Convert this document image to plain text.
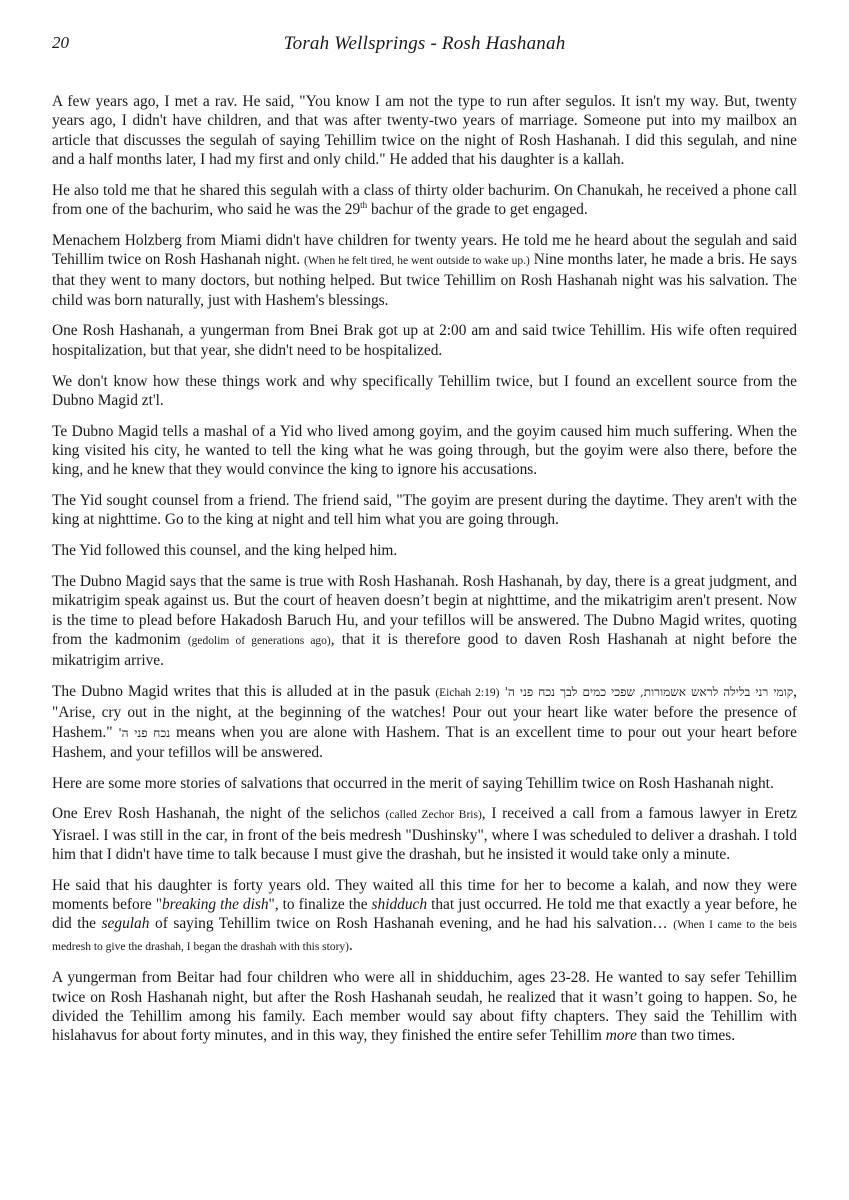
20	Torah Wellsprings - Rosh Hashanah

A few years ago, I met a rav. He said, "You know I am not the type to run after segulos. It isn't my way. But, twenty years ago, I didn't have children, and that was after twenty-two years of marriage. Someone put into my mailbox an article that discusses the segulah of saying Tehillim twice on the night of Rosh Hashanah. I did this segulah, and nine and a half months later, I had my first and only child." He added that his daughter is a kallah.

He also told me that he shared this segulah with a class of thirty older bachurim. On Chanukah, he received a phone call from one of the bachurim, who said he was the 29th bachur of the grade to get engaged.

Menachem Holzberg from Miami didn't have children for twenty years. He told me he heard about the segulah and said Tehillim twice on Rosh Hashanah night. (When he felt tired, he went outside to wake up.) Nine months later, he made a bris. He says that they went to many doctors, but nothing helped. But twice Tehillim on Rosh Hashanah night was his salvation. The child was born naturally, just with Hashem's blessings.

One Rosh Hashanah, a yungerman from Bnei Brak got up at 2:00 am and said twice Tehillim. His wife often required hospitalization, but that year, she didn't need to be hospitalized.

We don't know how these things work and why specifically Tehillim twice, but I found an excellent source from the Dubno Magid zt'l.

Te Dubno Magid tells a mashal of a Yid who lived among goyim, and the goyim caused him much suffering. When the king visited his city, he wanted to tell the king what he was going through, but the goyim were also there, before the king, and he knew that they would convince the king to ignore his accusations.

The Yid sought counsel from a friend. The friend said, "The goyim are present during the daytime. They aren't with the king at nighttime. Go to the king at night and tell him what you are going through.

The Yid followed this counsel, and the king helped him.

The Dubno Magid says that the same is true with Rosh Hashanah. Rosh Hashanah, by day, there is a great judgment, and mikatrigim speak against us. But the court of heaven doesn’t begin at nighttime, and the mikatrigim aren't present. Now is the time to plead before Hakadosh Baruch Hu, and your tefillos will be answered. The Dubno Magid writes, quoting from the kadmonim (gedolim of generations ago), that it is therefore good to daven Rosh Hashanah at night before the mikatrigim arrive.

The Dubno Magid writes that this is alluded at in the pasuk (Eichah 2:19) קומי רני בלילה לראש אשמורות, שפכי כמים לבך נכח פני ה', "Arise, cry out in the night, at the beginning of the watches! Pour out your heart like water before the presence of Hashem." נכח פני ה' means when you are alone with Hashem. That is an excellent time to pour out your heart before Hashem, and your tefillos will be answered.

Here are some more stories of salvations that occurred in the merit of saying Tehillim twice on Rosh Hashanah night.

One Erev Rosh Hashanah, the night of the selichos (called Zechor Bris), I received a call from a famous lawyer in Eretz Yisrael. I was still in the car, in front of the beis medresh "Dushinsky", where I was scheduled to deliver a drashah. I told him that I didn't have time to talk because I must give the drashah, but he insisted it would take only a minute.

He said that his daughter is forty years old. They waited all this time for her to become a kalah, and now they were moments before "breaking the dish", to finalize the shidduch that just occurred. He told me that exactly a year before, he did the segulah of saying Tehillim twice on Rosh Hashanah evening, and he had his salvation… (When I came to the beis medresh to give the drashah, I began the drashah with this story).

A yungerman from Beitar had four children who were all in shidduchim, ages 23-28. He wanted to say sefer Tehillim twice on Rosh Hashanah night, but after the Rosh Hashanah seudah, he realized that it wasn’t going to happen. So, he divided the Tehillim among his family. Each member would say about fifty chapters. They said the Tehillim with hislahavus for about forty minutes, and in this way, they finished the entire sefer Tehillim more than two times.
